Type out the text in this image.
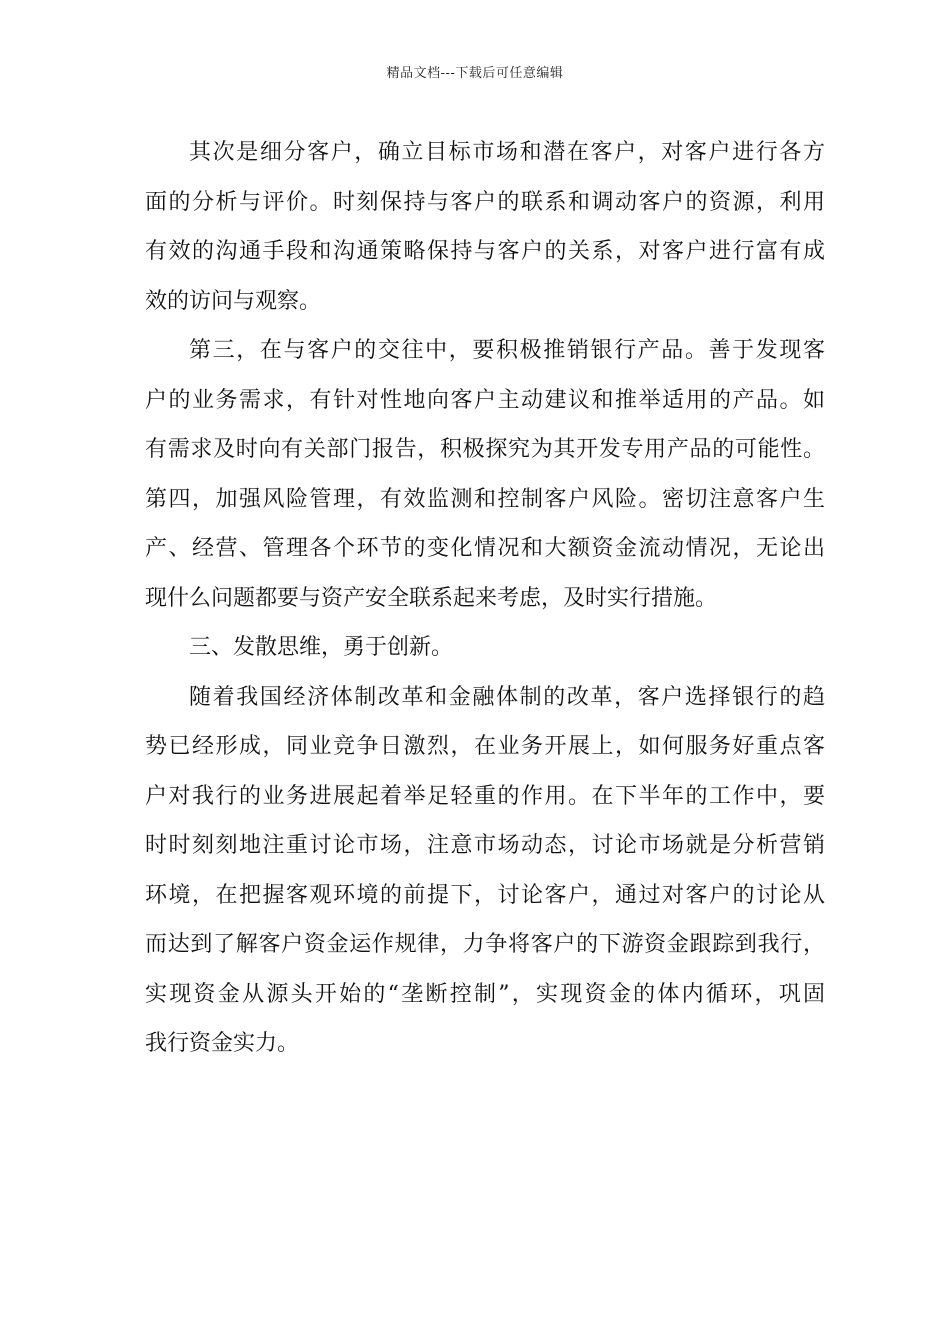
精品文档---下载后可任意编辑
其次是细分客户，确立目标市场和潜在客户，对客户进行各方
面的分析与评价。时刻保持与客户的联系和调动客户的资源，利用
有效的沟通手段和沟通策略保持与客户的关系，对客户进行富有成
效的访问与观察。
第三，在与客户的交往中，要积极推销银行产品。善于发现客
户的业务需求，有针对性地向客户主动建议和推举适用的产品。如
有需求及时向有关部门报告，积极探究为其开发专用产品的可能性。
第四，加强风险管理，有效监测和控制客户风险。密切注意客户生
产、经营、管理各个环节的变化情况和大额资金流动情况，无论出
现什么问题都要与资产安全联系起来考虑，及时实行措施。
三、发散思维，勇于创新。
随着我国经济体制改革和金融体制的改革，客户选择银行的趋
势已经形成，同业竞争日激烈，在业务开展上，如何服务好重点客
户对我行的业务进展起着举足轻重的作用。在下半年的工作中，要
时时刻刻地注重讨论市场，注意市场动态，讨论市场就是分析营销
环境，在把握客观环境的前提下，讨论客户，通过对客户的讨论从
而达到了解客户资金运作规律，力争将客户的下游资金跟踪到我行，
实现资金从源头开始的“垄断控制”，实现资金的体内循环，巩固
我行资金实力。
